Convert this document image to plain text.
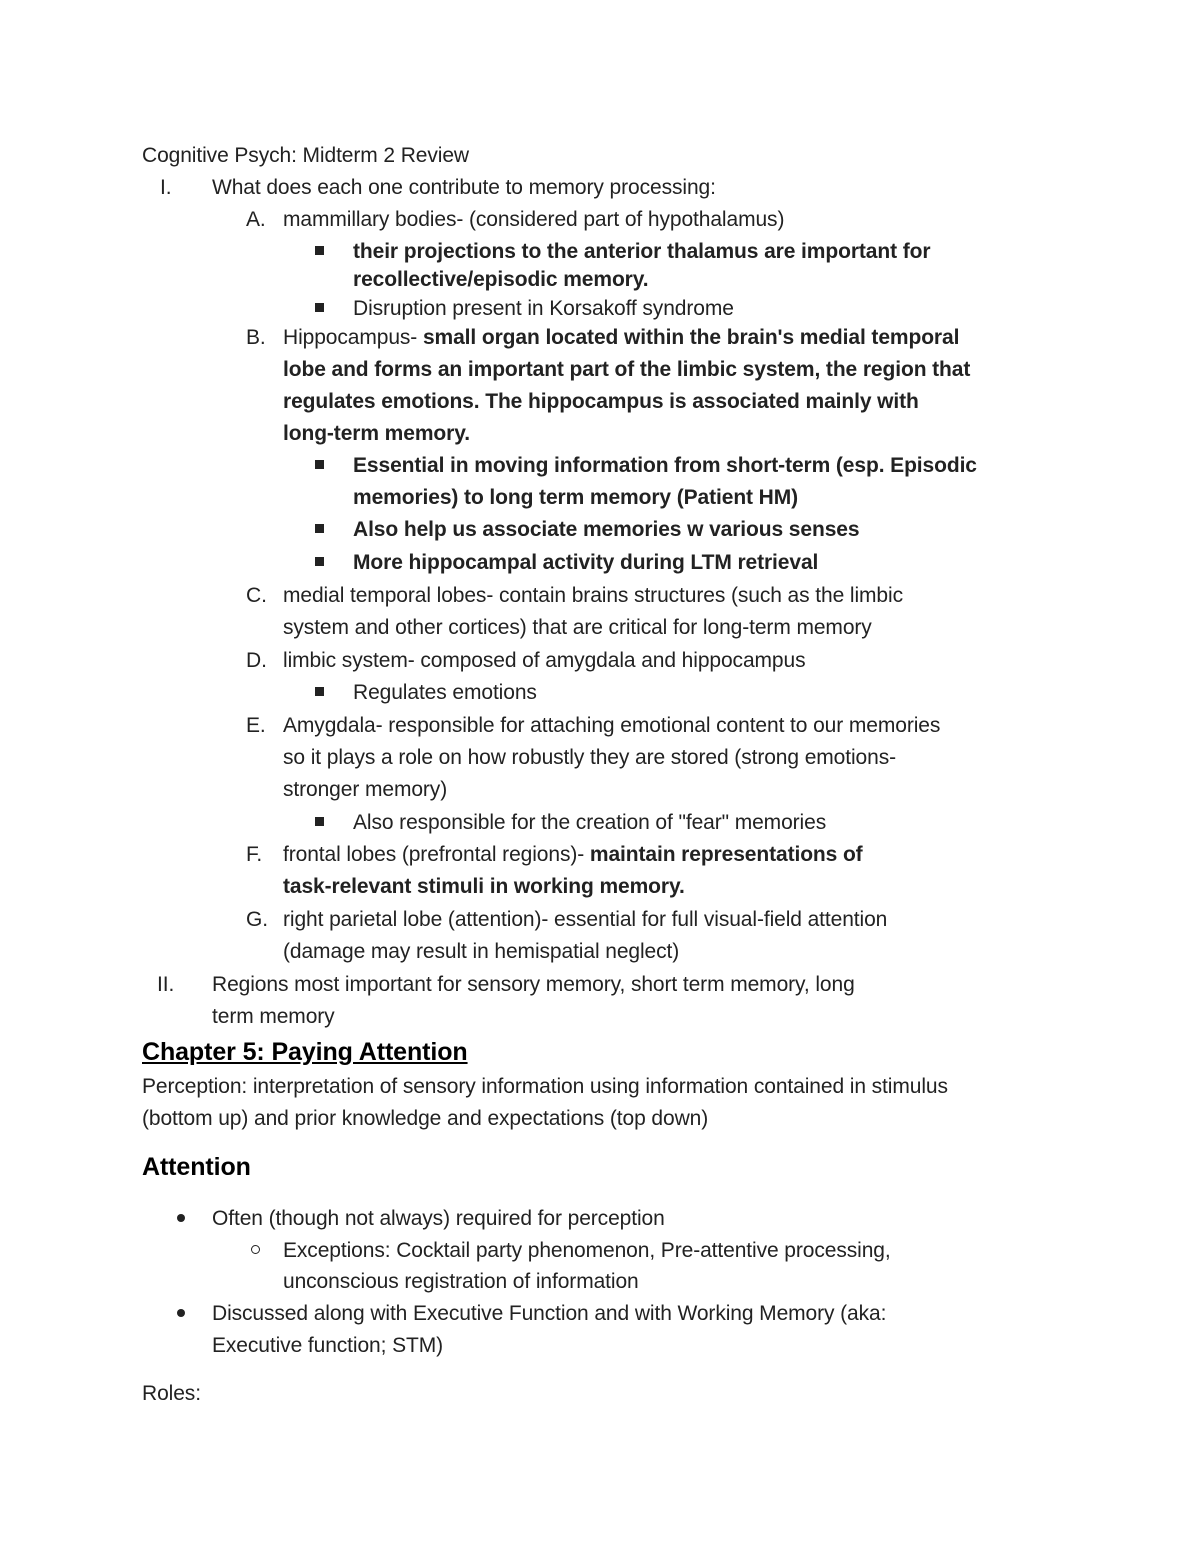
Cognitive Psych: Midterm 2 Review
I. What does each one contribute to memory processing:
A. mammillary bodies- (considered part of hypothalamus)
their projections to the anterior thalamus are important for
recollective/episodic memory.
Disruption present in Korsakoff syndrome
B. Hippocampus- small organ located within the brain's medial temporal
lobe and forms an important part of the limbic system, the region that
regulates emotions. The hippocampus is associated mainly with
long-term memory.
Essential in moving information from short-term (esp. Episodic
memories) to long term memory (Patient HM)
Also help us associate memories w various senses
More hippocampal activity during LTM retrieval
C. medial temporal lobes- contain brains structures (such as the limbic
system and other cortices) that are critical for long-term memory
D. limbic system- composed of amygdala and hippocampus
Regulates emotions
E. Amygdala- responsible for attaching emotional content to our memories
so it plays a role on how robustly they are stored (strong emotions-
stronger memory)
Also responsible for the creation of "fear" memories
F. frontal lobes (prefrontal regions)- maintain representations of
task-relevant stimuli in working memory.
G. right parietal lobe (attention)- essential for full visual-field attention
(damage may result in hemispatial neglect)
II. Regions most important for sensory memory, short term memory, long
term memory
Chapter 5: Paying Attention
Perception: interpretation of sensory information using information contained in stimulus
(bottom up) and prior knowledge and expectations (top down)
Attention
Often (though not always) required for perception
Exceptions: Cocktail party phenomenon, Pre-attentive processing,
unconscious registration of information
Discussed along with Executive Function and with Working Memory (aka:
Executive function; STM)
Roles:
